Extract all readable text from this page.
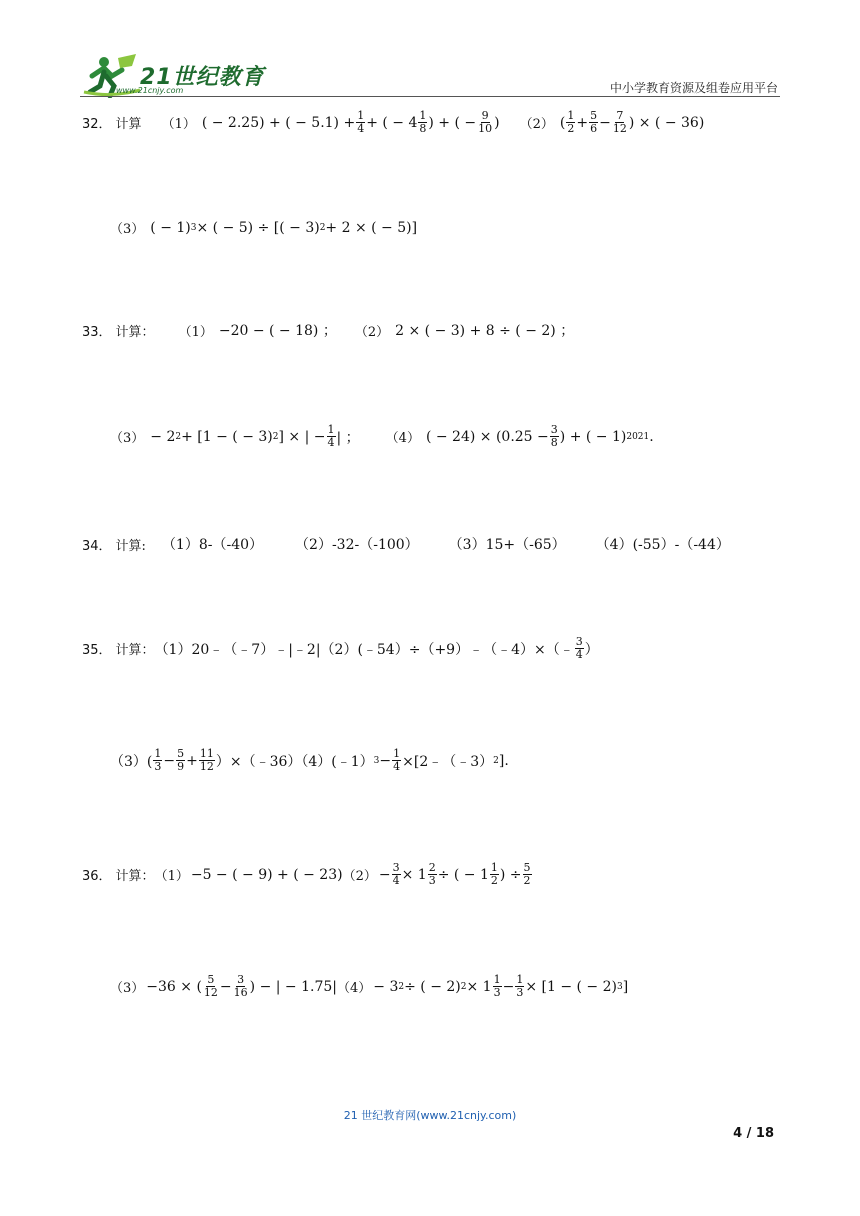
21世纪教育
www.21cnjy.com	中小学教育资源及组卷应用平台
32． 计算 （1） ( − 2.25) + ( − $5.1) + \frac{1}{4}$ + ( − $4 \frac{1}{8}$ ) + ( − $\frac{9}{10}$ ) （2） ( $\frac{1}{2} + \frac{5}{6} - \frac{7}{12}$ ) × ( − 36)
（3） ( − 1) 3 × ( − 5) ÷ [( − 3) 2 + 2 × ( − 5)]
33． 计算： （1） −20 − ( − 18) ； （2） 2 × ( − 3) + 8 ÷ ( − 2) ；
（3） − 2 2 + [1 − ( − 3) 2 ] × | − $\frac{1}{4}$ | ； （4） ( − $24) \times (0.25 - \frac{3}{8}$ ) + ( − 1) 2021 .
34． 计算: （1）8-（-40） （2）-32-（-100） （3）15+（-65） （4）(-55）-（-44）
35． 计算： （1）20﹣（﹣7）﹣|﹣2|（2）(﹣54）÷（+9）﹣（﹣4）×（﹣ $\frac{3}{4}$ ）
$(3)( \frac{1}{3} - \frac{5}{9} + \frac{11}{12}$ ）×（﹣36）（4）(﹣1） $3 - \frac{1}{4}$ ×[2﹣（﹣3） 2 ].
36． 计算： （1） −5 − ( − 9) + ( − 23) $(2) - \frac{3}{4} \times 1 \frac{2}{3}$ ÷ ( − $1 \frac{1}{2}$ ) ÷ $\frac{5}{2}$
（3） −36 × ( $\frac{5}{12} - \frac{3}{16}$ ) − | − 1.75| （4） − 3 2 ÷ ( − 2) $2 \times 1 \frac{1}{3} - \frac{1}{3} \times [1$ − ( − 2) 3 ]
21 世纪教育网(www.21cnjy.com)
4 / 18
